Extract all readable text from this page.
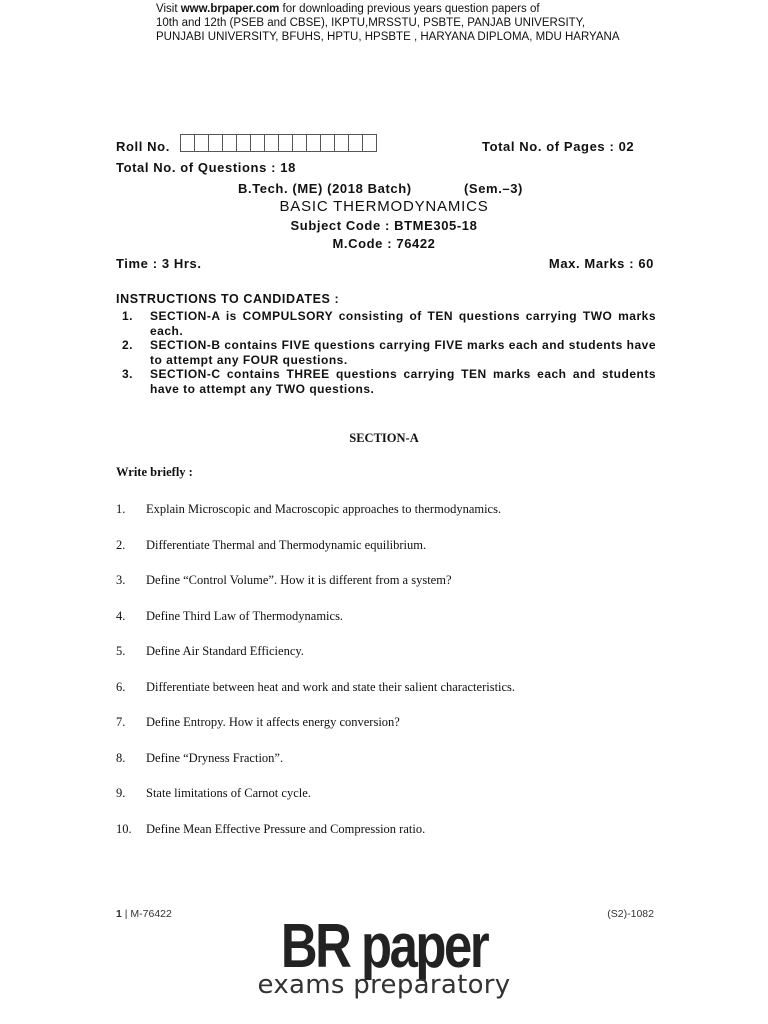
Visit www.brpaper.com for downloading previous years question papers of
10th and 12th (PSEB and CBSE), IKPTU,MRSSTU, PSBTE, PANJAB UNIVERSITY,
PUNJABI UNIVERSITY, BFUHS, HPTU, HPSBTE , HARYANA DIPLOMA, MDU HARYANA
Roll No.	Total No. of Pages : 02
Total No. of Questions : 18
B.Tech. (ME) (2018 Batch)	(Sem.–3)
BASIC THERMODYNAMICS
Subject Code : BTME305-18
M.Code : 76422
Time : 3 Hrs.	Max. Marks : 60
INSTRUCTIONS TO CANDIDATES :
1.	SECTION-A is COMPULSORY consisting of TEN questions carrying TWO marks each.
2.	SECTION-B contains FIVE questions carrying FIVE marks each and students have to attempt any FOUR questions.
3.	SECTION-C contains THREE questions carrying TEN marks each and students have to attempt any TWO questions.
SECTION-A
Write briefly :
1.	Explain Microscopic and Macroscopic approaches to thermodynamics.
2.	Differentiate Thermal and Thermodynamic equilibrium.
3.	Define “Control Volume”. How it is different from a system?
4.	Define Third Law of Thermodynamics.
5.	Define Air Standard Efficiency.
6.	Differentiate between heat and work and state their salient characteristics.
7.	Define Entropy. How it affects energy conversion?
8.	Define “Dryness Fraction”.
9.	State limitations of Carnot cycle.
10.	Define Mean Effective Pressure and Compression ratio.
1 | M-76422	(S2)-1082
BR paper
exams preparatory
